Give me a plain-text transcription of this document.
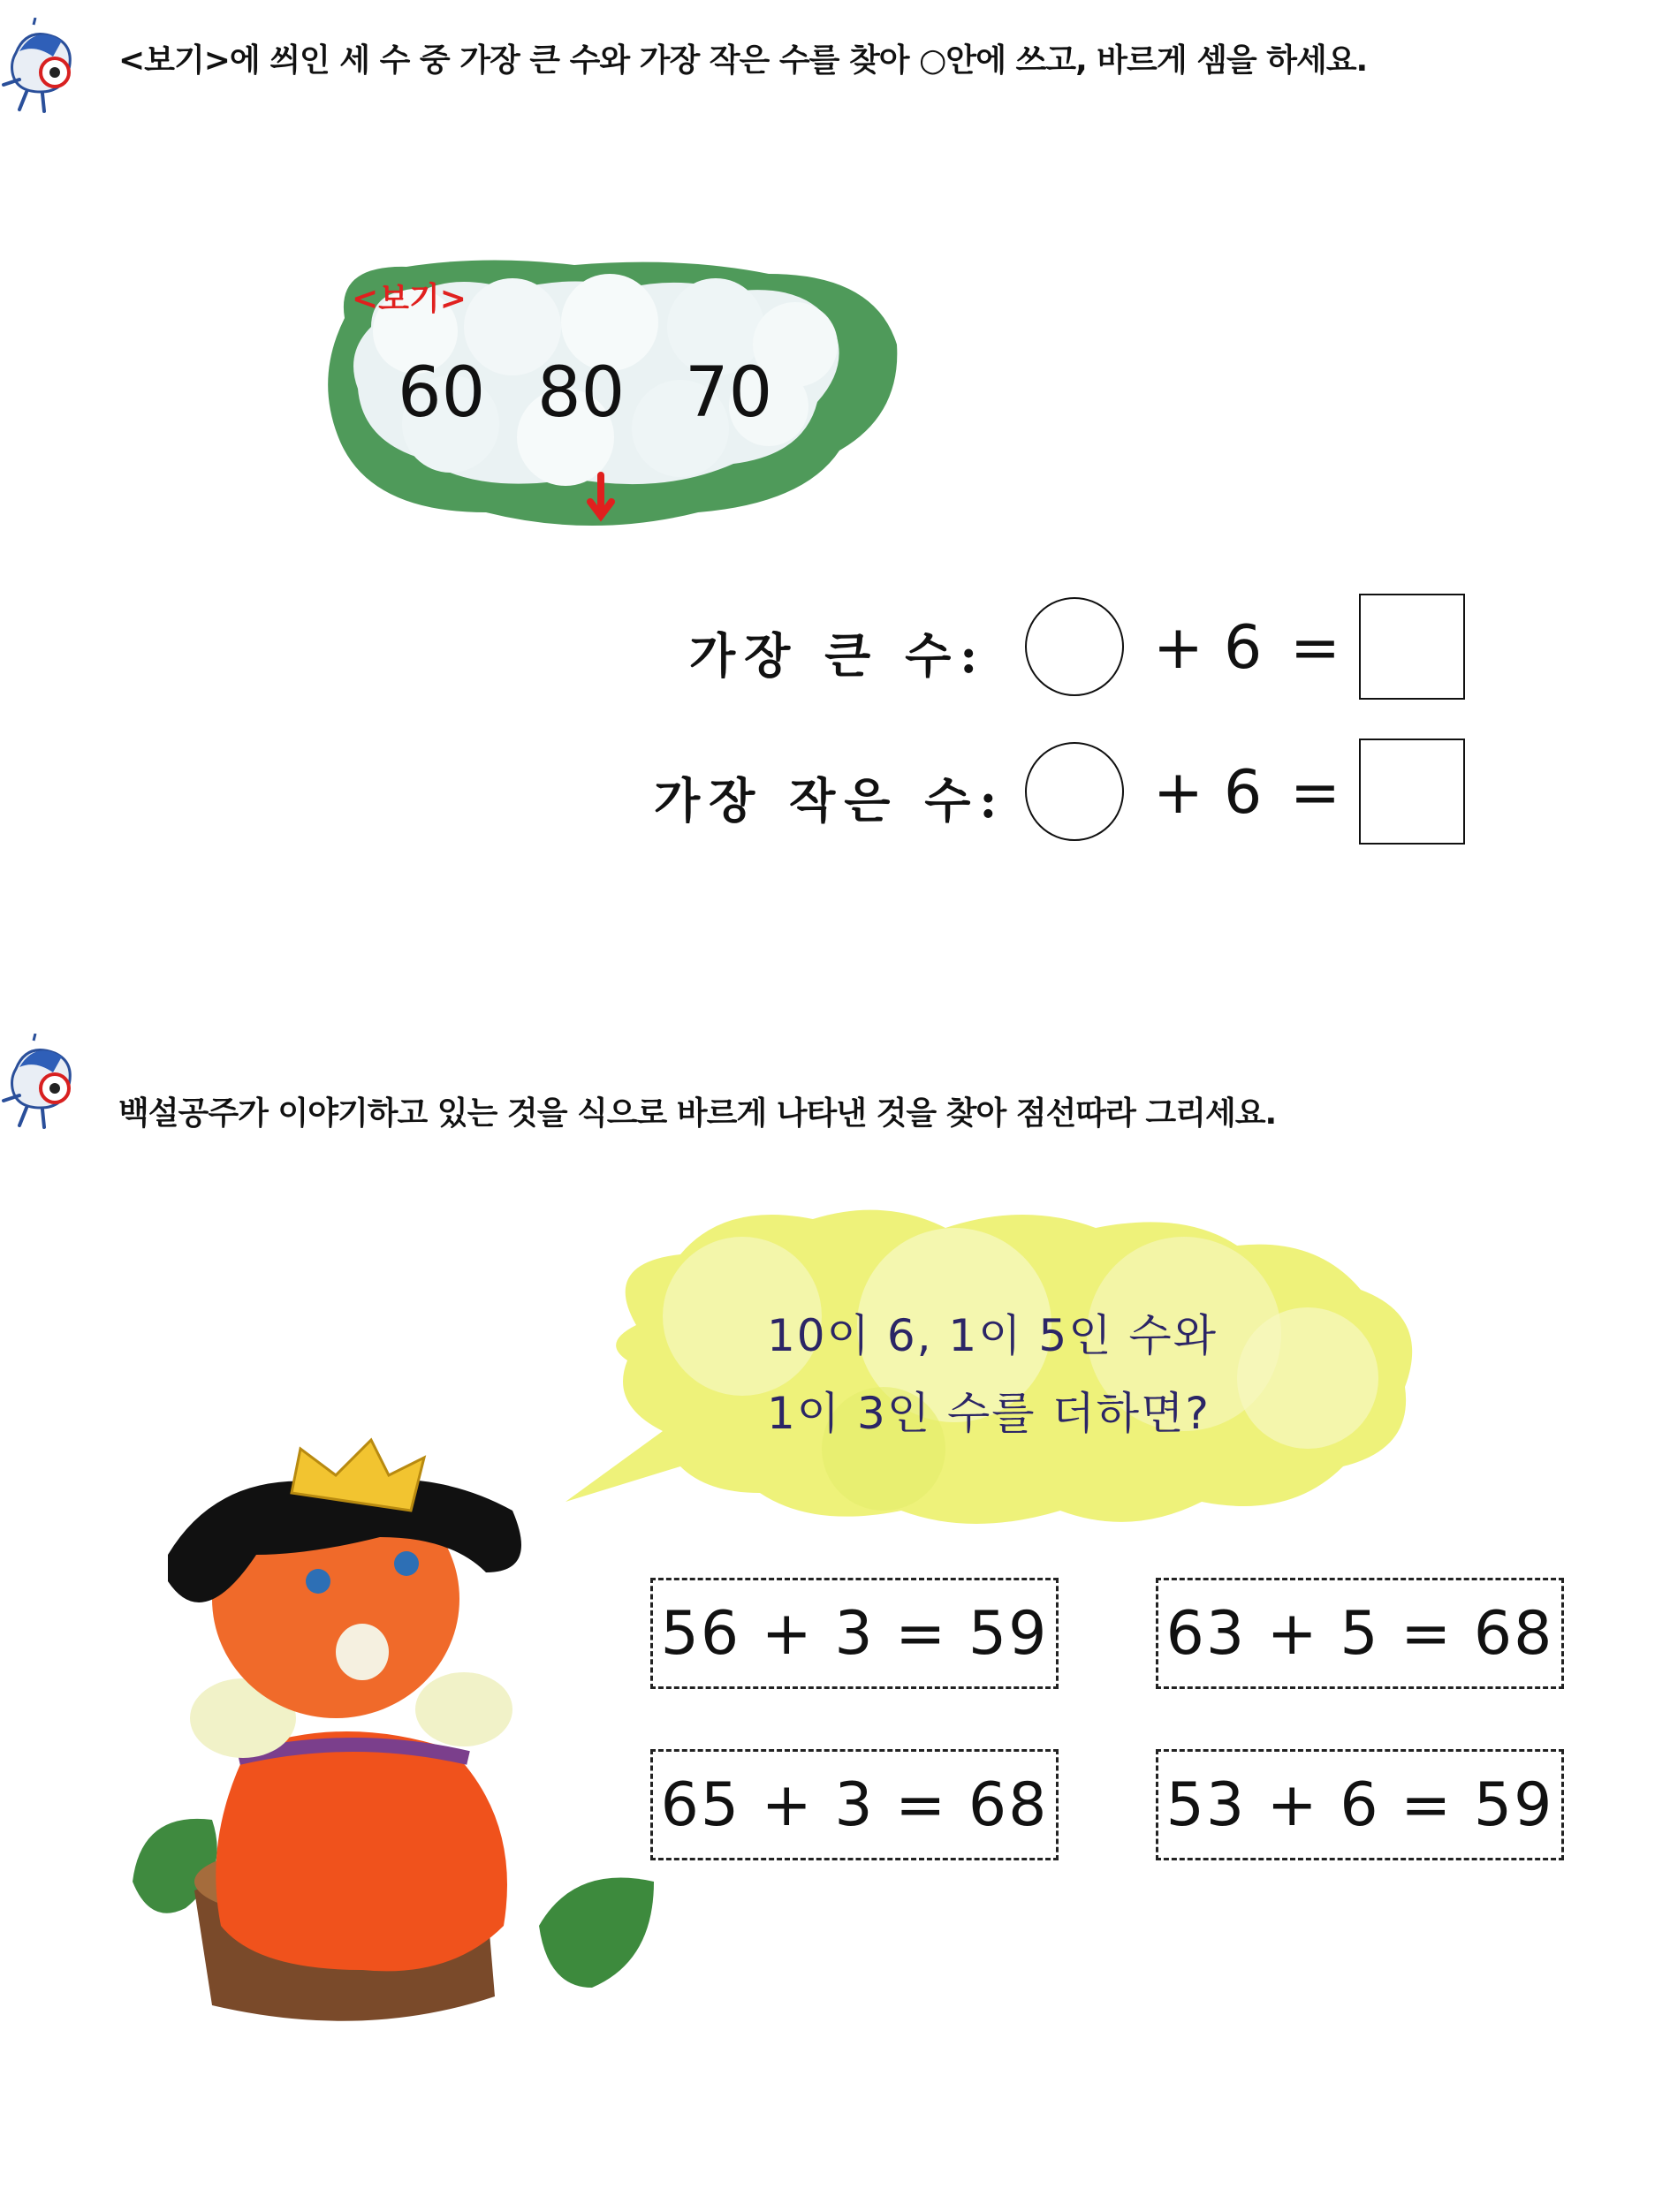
<보기>에 씌인 세 수 중 가장 큰 수와 가장 작은 수를 찾아 ○안에 쓰고, 바르게 셈을 하세요.
<보기>
60 80 70
가장 큰 수:	+ 6 =
가장 작은 수: + 6 =
백설공주가 이야기하고 있는 것을 식으로 바르게 나타낸 것을 찾아 점선따라 그리세요.
10이 6, 1이 5인 수와
1이 3인 수를 더하면?
56 + 3 = 59 63 + 5 = 68
65 + 3 = 68 53 + 6 = 59
